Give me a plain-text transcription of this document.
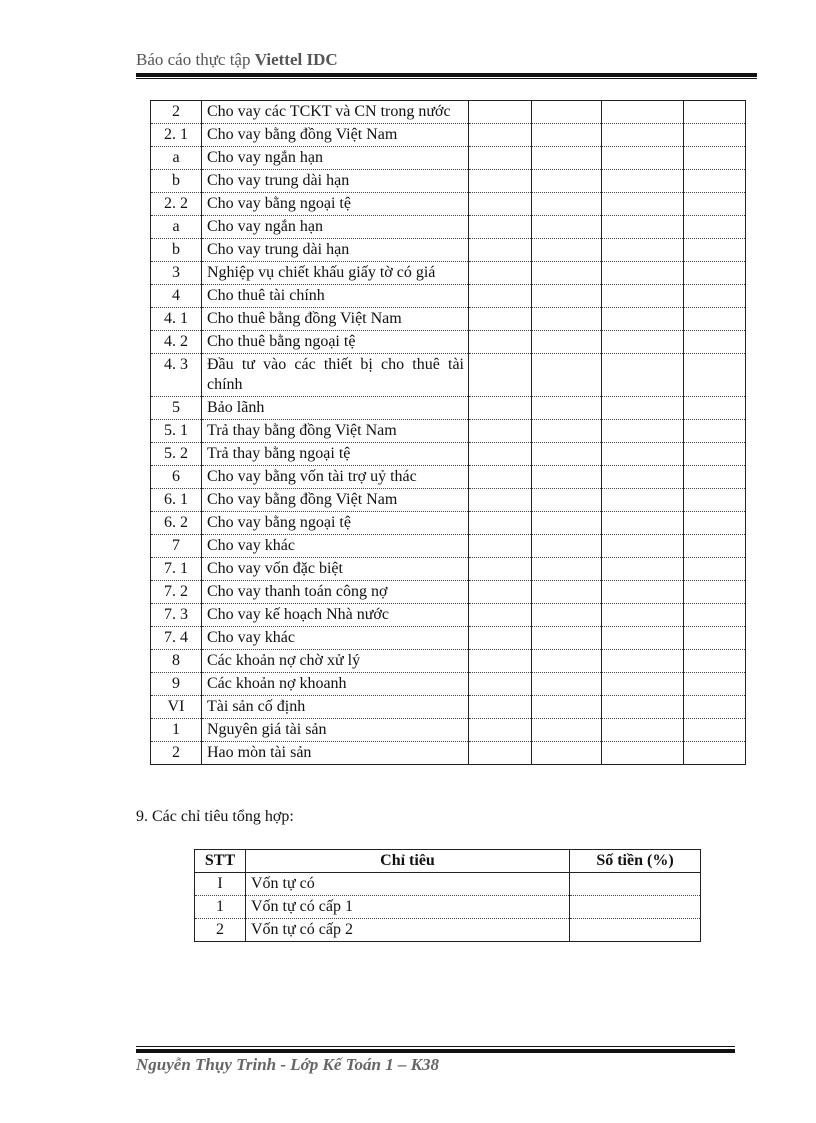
Báo cáo thực tập Viettel IDC
2	Cho vay các TCKT và CN trong nước				
2. 1	Cho vay bằng đồng Việt Nam				
a	Cho vay ngắn hạn				
b	Cho vay trung dài hạn				
2. 2	Cho vay bằng ngoại tệ				
a	Cho vay ngắn hạn				
b	Cho vay trung dài hạn				
3	Nghiệp vụ chiết khấu giấy tờ có giá				
4	Cho thuê tài chính				
4. 1	Cho thuê bằng đồng Việt Nam				
4. 2	Cho thuê bằng ngoại tệ				
4. 3	Đầu tư vào các thiết bị cho thuê tài chính				
5	Bảo lãnh				
5. 1	Trả thay bằng đồng Việt Nam				
5. 2	Trả thay bằng ngoại tệ				
6	Cho vay bằng vốn tài trợ uỷ thác				
6. 1	Cho vay bằng đồng Việt Nam				
6. 2	Cho vay bằng ngoại tệ				
7	Cho vay khác				
7. 1	Cho vay vốn đặc biệt				
7. 2	Cho vay thanh toán công nợ				
7. 3	Cho vay kế hoạch Nhà nước				
7. 4	Cho vay khác				
8	Các khoản nợ chờ xử lý				
9	Các khoản nợ khoanh				
VI	Tài sản cố định				
1	Nguyên giá tài sản				
2	Hao mòn tài sản				
9. Các chỉ tiêu tổng hợp:
STT	Chỉ tiêu	Số tiền (%)
I	Vốn tự có	
1	Vốn tự có cấp 1	
2	Vốn tự có cấp 2	
Nguyễn Thụy Trinh - Lớp Kế Toán 1 – K38
